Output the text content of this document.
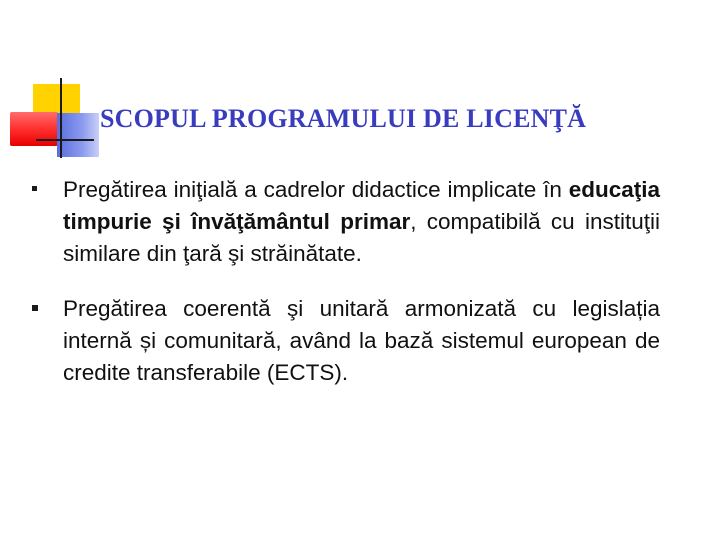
SCOPUL PROGRAMULUI DE LICENŢĂ
Pregătirea iniţială a cadrelor didactice implicate în educaţia timpurie şi învăţământul primar, compatibilă cu instituţii similare din ţară şi străinătate.
Pregătirea coerentă şi unitară armonizată cu legislația internă și comunitară, având la bază sistemul european de credite transferabile (ECTS).
